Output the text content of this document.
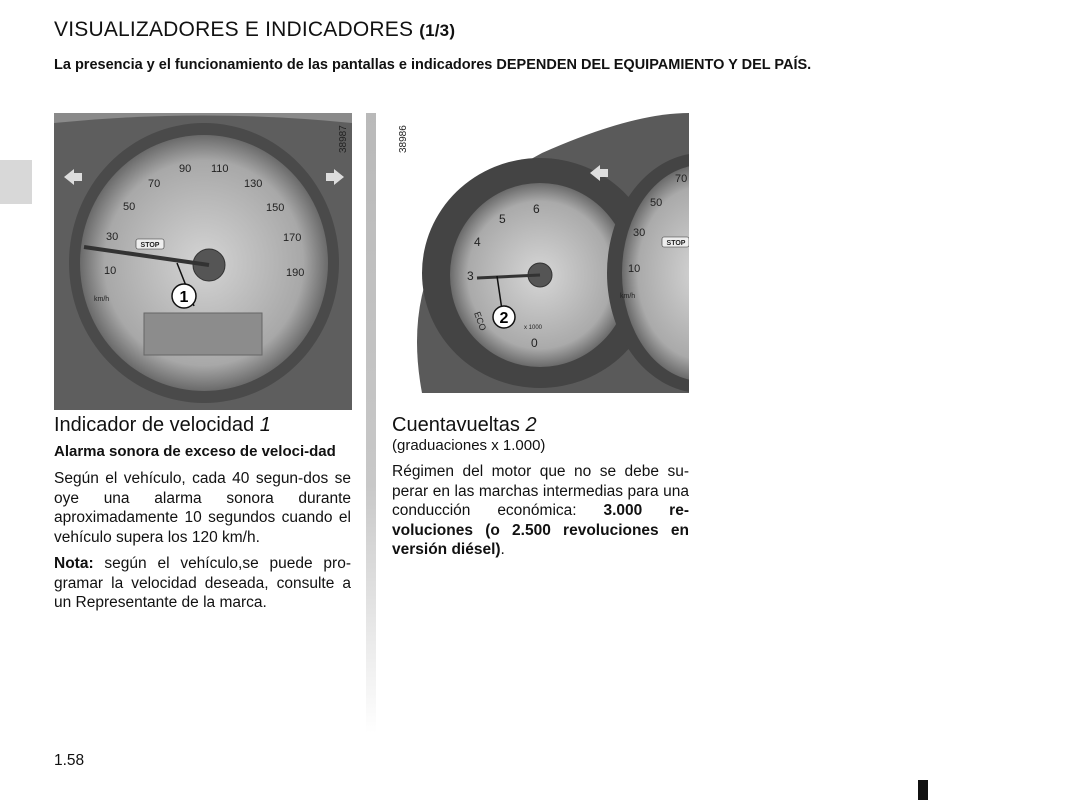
VISUALIZADORES E INDICADORES (1/3)
La presencia y el funcionamiento de las pantallas e indicadores DEPENDEN DEL EQUIPAMIENTO Y DEL PAÍS.
1
10
30
50
70
90 110
130
150
170
190
km/h
STOP
38987
2
0
3
4
5
6
x 1000
ECO
10
30
50
70
km/h
STOP
38986
Indicador de velocidad 1
Alarma sonora de exceso de veloci-dad

Según el vehículo, cada 40 segun-dos se oye una alarma sonora durante aproximadamente 10 segundos cuando el vehículo supera los 120 km/h.

Nota: según el vehículo,se puede pro-gramar la velocidad deseada, consulte a un Representante de la marca.

Cuentavueltas 2
(graduaciones x 1.000)

Régimen del motor que no se debe su-perar en las marchas intermedias para una conducción económica: 3.000 re-voluciones (o 2.500 revoluciones en versión diésel).

1.58
